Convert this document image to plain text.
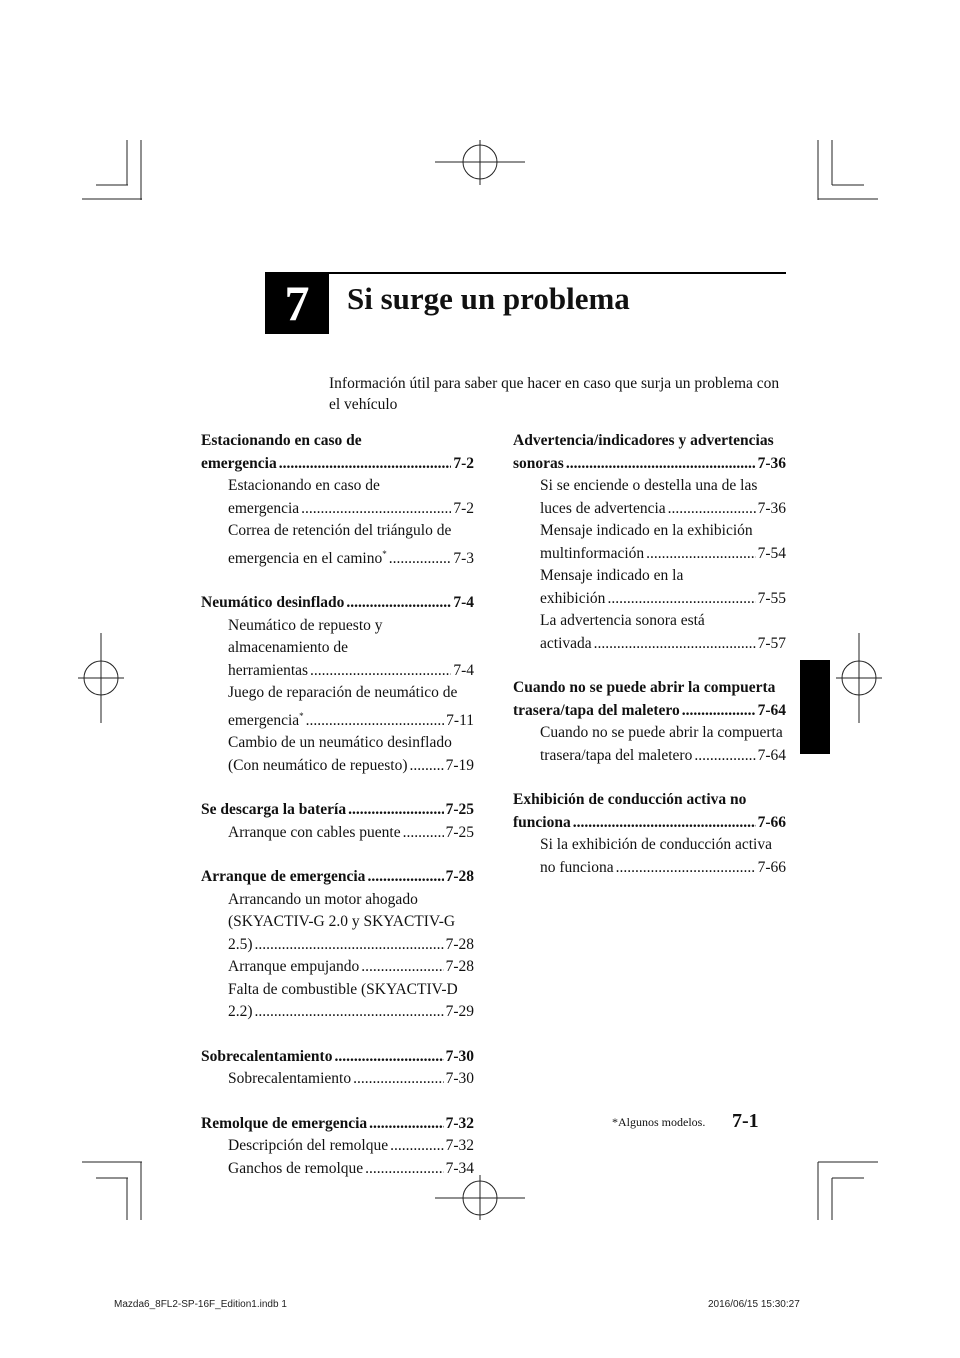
7	Si surge un problema
Información útil para saber que hacer en caso que surja un problema con el vehículo
Estacionando en caso de
emergencia .....	7-2
Estacionando en caso de
emergencia .....	7-2
Correa de retención del triángulo de
emergencia en el camino* .....	7-3
Neumático desinflado .....	7-4
Neumático de repuesto y
almacenamiento de
herramientas .....	7-4
Juego de reparación de neumático de
emergencia* .....	7-11
Cambio de un neumático desinflado
(Con neumático de repuesto) ..... 7-19
Se descarga la batería .....	7-25
Arranque con cables puente .....	7-25
Arranque de emergencia .....	7-28
Arrancando un motor ahogado
(SKYACTIV-G 2.0 y SKYACTIV-G
2.5) .....	7-28
Arranque empujando .....	7-28
Falta de combustible (SKYACTIV-D
2.2) .....	7-29
Sobrecalentamiento .....	7-30
Sobrecalentamiento .....	7-30
Remolque de emergencia .....	7-32
Descripción del remolque .....	7-32
Ganchos de remolque .....	7-34
Advertencia/indicadores y advertencias
sonoras .....	7-36
Si se enciende o destella una de las
luces de advertencia .....	7-36
Mensaje indicado en la exhibición
multinformación .....	7-54
Mensaje indicado en la
exhibición .....	7-55
La advertencia sonora está
activada .....	7-57
Cuando no se puede abrir la compuerta
trasera/tapa del maletero .....	7-64
Cuando no se puede abrir la compuerta
trasera/tapa del maletero .....	7-64
Exhibición de conducción activa no
funciona .....	7-66
Si la exhibición de conducción activa
no funciona .....	7-66
*Algunos modelos. 7-1
Mazda6_8FL2-SP-16F_Edition1.indb 1	2016/06/15 15:30:27
